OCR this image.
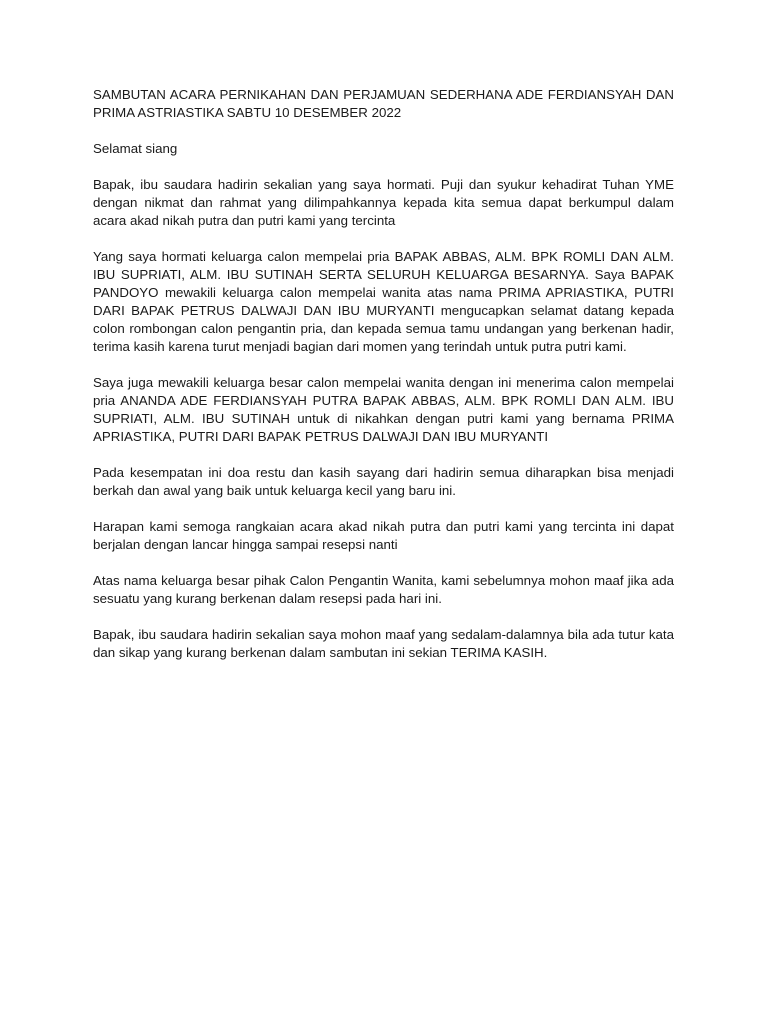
SAMBUTAN ACARA PERNIKAHAN DAN PERJAMUAN SEDERHANA ADE FERDIANSYAH DAN PRIMA ASTRIASTIKA SABTU 10 DESEMBER 2022

Selamat siang

Bapak, ibu saudara hadirin sekalian yang saya hormati. Puji dan syukur kehadirat Tuhan YME dengan nikmat dan rahmat yang dilimpahkannya kepada kita semua dapat berkumpul dalam acara akad nikah putra dan putri kami yang tercinta

Yang saya hormati keluarga calon mempelai pria BAPAK ABBAS, ALM. BPK ROMLI DAN ALM. IBU SUPRIATI, ALM. IBU SUTINAH SERTA SELURUH KELUARGA BESARNYA. Saya BAPAK PANDOYO mewakili keluarga calon mempelai wanita atas nama PRIMA APRIASTIKA, PUTRI DARI BAPAK PETRUS DALWAJI DAN IBU MURYANTI mengucapkan selamat datang kepada colon rombongan calon pengantin pria, dan kepada semua tamu undangan yang berkenan hadir, terima kasih karena turut menjadi bagian dari momen yang terindah untuk putra putri kami.

Saya juga mewakili keluarga besar calon mempelai wanita dengan ini menerima calon mempelai pria ANANDA ADE FERDIANSYAH PUTRA BAPAK ABBAS, ALM. BPK ROMLI DAN ALM. IBU SUPRIATI, ALM. IBU SUTINAH untuk di nikahkan dengan putri kami yang bernama PRIMA APRIASTIKA, PUTRI DARI BAPAK PETRUS DALWAJI DAN IBU MURYANTI

Pada kesempatan ini doa restu dan kasih sayang dari hadirin semua diharapkan bisa menjadi berkah dan awal yang baik untuk keluarga kecil yang baru ini.

Harapan kami semoga rangkaian acara akad nikah putra dan putri kami yang tercinta ini dapat berjalan dengan lancar hingga sampai resepsi nanti

Atas nama keluarga besar pihak Calon Pengantin Wanita, kami sebelumnya mohon maaf jika ada sesuatu yang kurang berkenan dalam resepsi pada hari ini.

Bapak, ibu saudara hadirin sekalian saya mohon maaf yang sedalam-dalamnya bila ada tutur kata dan sikap yang kurang berkenan dalam sambutan ini sekian TERIMA KASIH.
